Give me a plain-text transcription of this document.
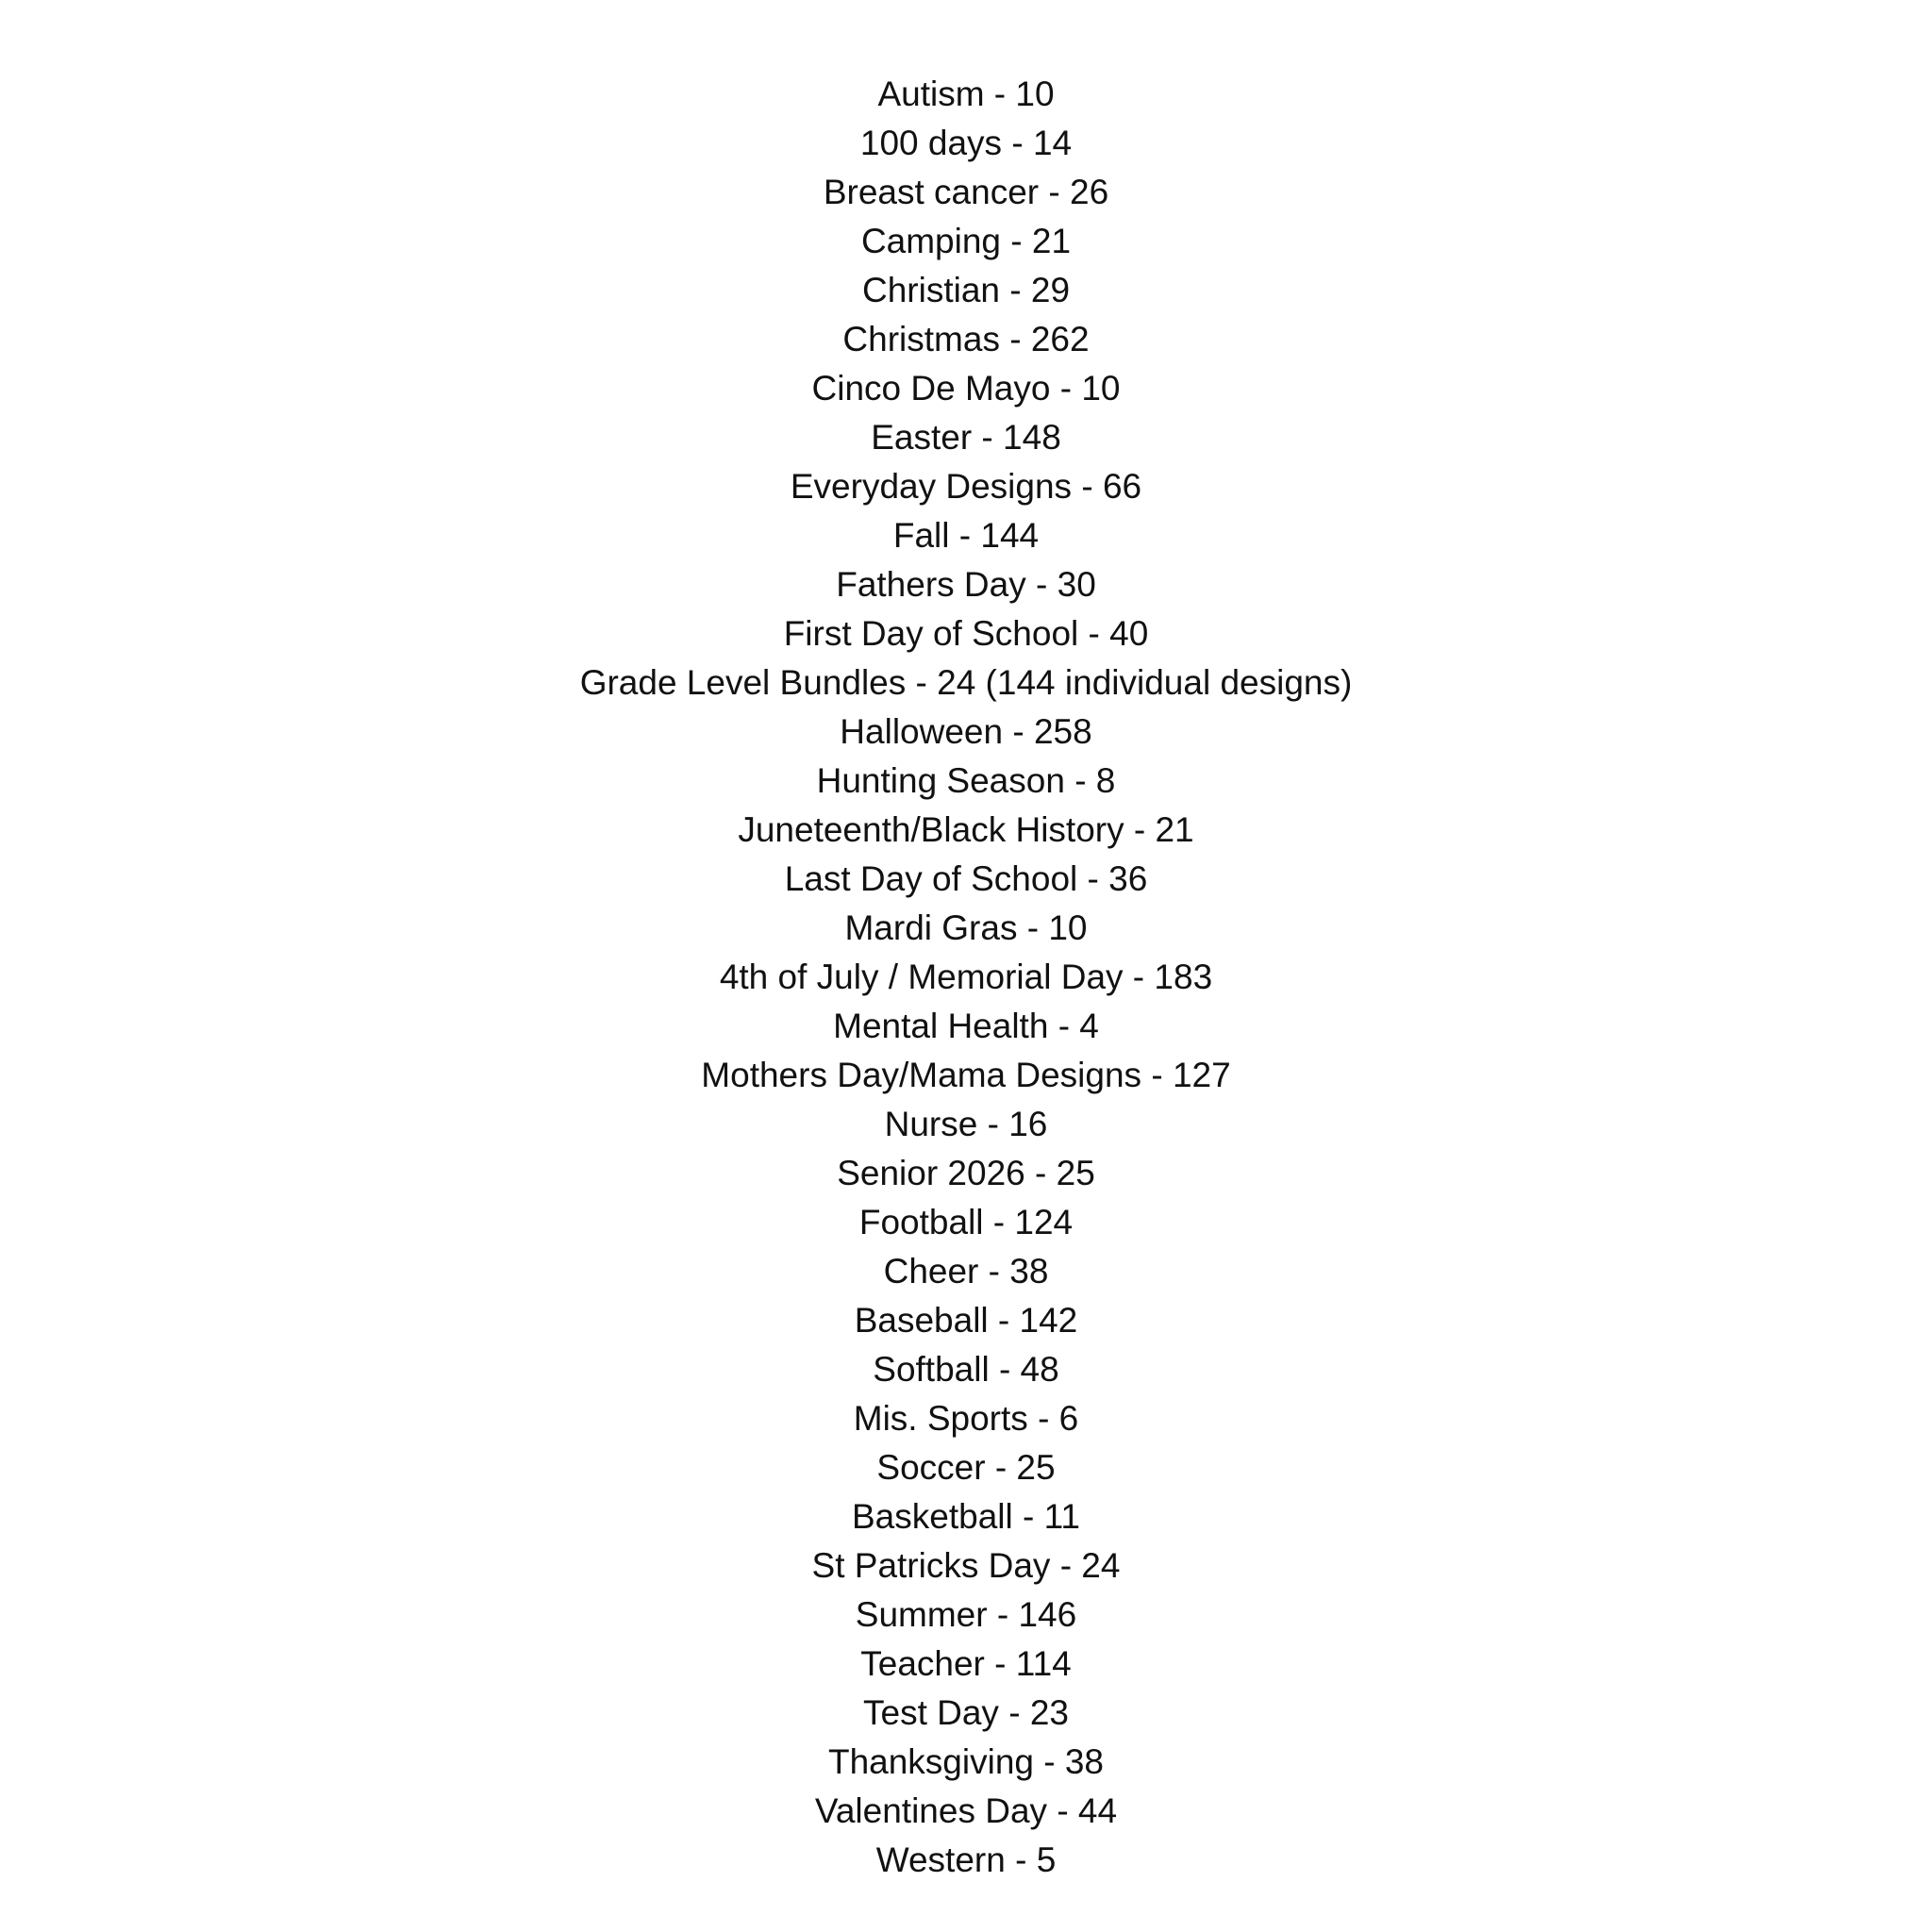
Autism - 10
100 days - 14
Breast cancer - 26
Camping - 21
Christian - 29
Christmas - 262
Cinco De Mayo - 10
Easter - 148
Everyday Designs - 66
Fall - 144
Fathers Day - 30
First Day of School - 40
Grade Level Bundles - 24 (144 individual designs)
Halloween - 258
Hunting Season - 8
Juneteenth/Black History - 21
Last Day of School - 36
Mardi Gras - 10
4th of July / Memorial Day - 183
Mental Health - 4
Mothers Day/Mama Designs - 127
Nurse - 16
Senior 2026 - 25
Football - 124
Cheer - 38
Baseball - 142
Softball - 48
Mis. Sports - 6
Soccer - 25
Basketball - 11
St Patricks Day - 24
Summer - 146
Teacher - 114
Test Day - 23
Thanksgiving - 38
Valentines Day - 44
Western - 5
